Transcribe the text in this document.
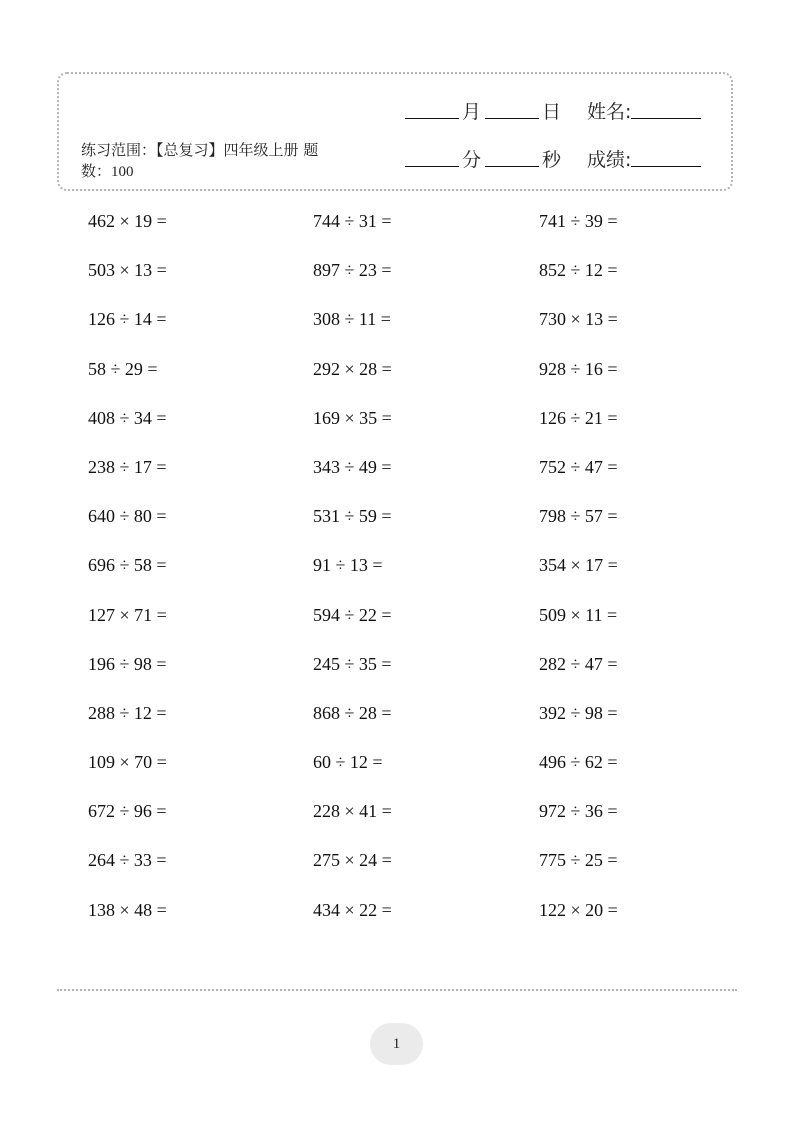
练习范围：【总复习】四年级上册 题数：100
月	日 姓名:
分	秒 成绩:
462 × 19 =	744 ÷ 31 =	741 ÷ 39 =
503 × 13 =	897 ÷ 23 =	852 ÷ 12 =
126 ÷ 14 =	308 ÷ 11 =	730 × 13 =
58 ÷ 29 =	292 × 28 =	928 ÷ 16 =
408 ÷ 34 =	169 × 35 =	126 ÷ 21 =
238 ÷ 17 =	343 ÷ 49 =	752 ÷ 47 =
640 ÷ 80 =	531 ÷ 59 =	798 ÷ 57 =
696 ÷ 58 =	91 ÷ 13 =	354 × 17 =
127 × 71 =	594 ÷ 22 =	509 × 11 =
196 ÷ 98 =	245 ÷ 35 =	282 ÷ 47 =
288 ÷ 12 =	868 ÷ 28 =	392 ÷ 98 =
109 × 70 =	60 ÷ 12 =	496 ÷ 62 =
672 ÷ 96 =	228 × 41 =	972 ÷ 36 =
264 ÷ 33 =	275 × 24 =	775 ÷ 25 =
138 × 48 =	434 × 22 =	122 × 20 =
1
